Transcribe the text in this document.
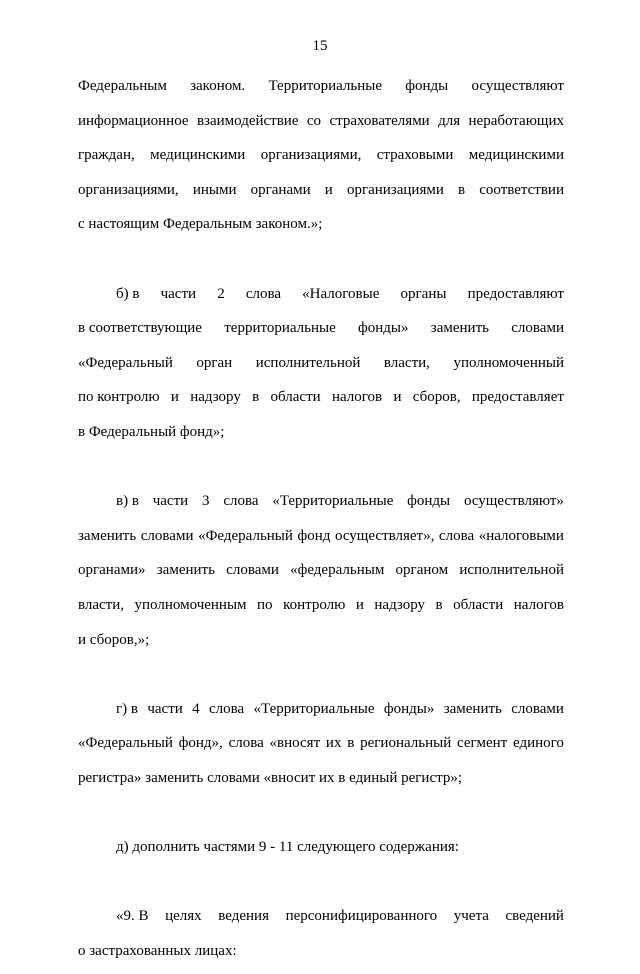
15
Федеральным законом. Территориальные фонды осуществляют
информационное взаимодействие со страхователями для неработающих
граждан, медицинскими организациями, страховыми медицинскими
организациями, иными органами и организациями в соответствии
с настоящим Федеральным законом.»;
б) в части 2 слова «Налоговые органы предоставляют
в соответствующие территориальные фонды» заменить словами
«Федеральный орган исполнительной власти, уполномоченный
по контролю и надзору в области налогов и сборов, предоставляет
в Федеральный фонд»;
в) в части 3 слова «Территориальные фонды осуществляют»
заменить словами «Федеральный фонд осуществляет», слова «налоговыми
органами» заменить словами «федеральным органом исполнительной
власти, уполномоченным по контролю и надзору в области налогов
и сборов,»;
г) в части 4 слова «Территориальные фонды» заменить словами
«Федеральный фонд», слова «вносят их в региональный сегмент единого
регистра» заменить словами «вносит их в единый регистр»;
д) дополнить частями 9 - 11 следующего содержания:
«9. В целях ведения персонифицированного учета сведений
о застрахованных лицах:
